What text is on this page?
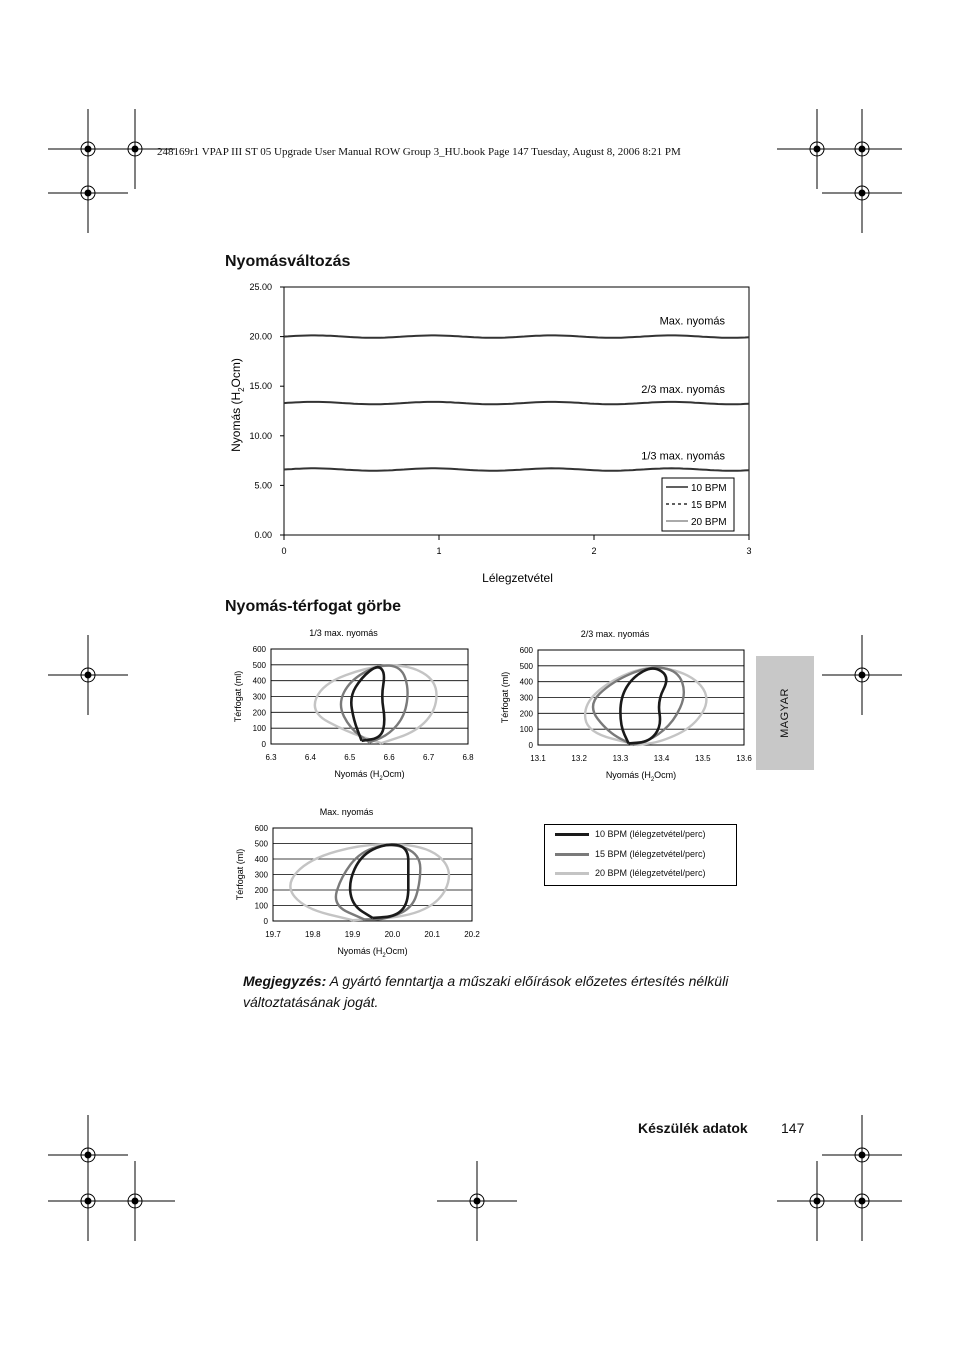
248169r1 VPAP III ST 05 Upgrade User Manual ROW Group 3_HU.book Page 147 Tuesday, August 8, 2006 8:21 PM
Nyomásváltozás
0.00
5.00
10.00
15.00
20.00
25.00
0	1	2	3
Lélegzetvétel
Nyomás $(H_2Ocm)$
Max. nyomás
2/3 max. nyomás
1/3 max. nyomás
10 BPM
15 BPM
20 BPM
Nyomás-térfogat görbe
1/3 max. nyomás
0
100
200
300
400
500
600
6.3	6.4	6.5	6.6	6.7	6.8
Nyomás $(H_2Ocm)$
Térfogat (ml)
2/3 max. nyomás
0
100
200
300
400
500
600
13.1	13.2	13.3	13.4	13.5	13.6
Nyomás $(H_2Ocm)$
Térfogat (ml)
Max. nyomás
0
100
200
300
400
500
600
19.7	19.8	19.9	20.0	20.1	20.2
Nyomás $(H_2Ocm)$
Térfogat (ml)
10 BPM (lélegzetvétel/perc)
15 BPM (lélegzetvétel/perc)
20 BPM (lélegzetvétel/perc)
MAGYAR
Megjegyzés: A gyártó fenntartja a műszaki előírások előzetes értesítés nélküli változtatásának jogát.
Készülék adatok 147
